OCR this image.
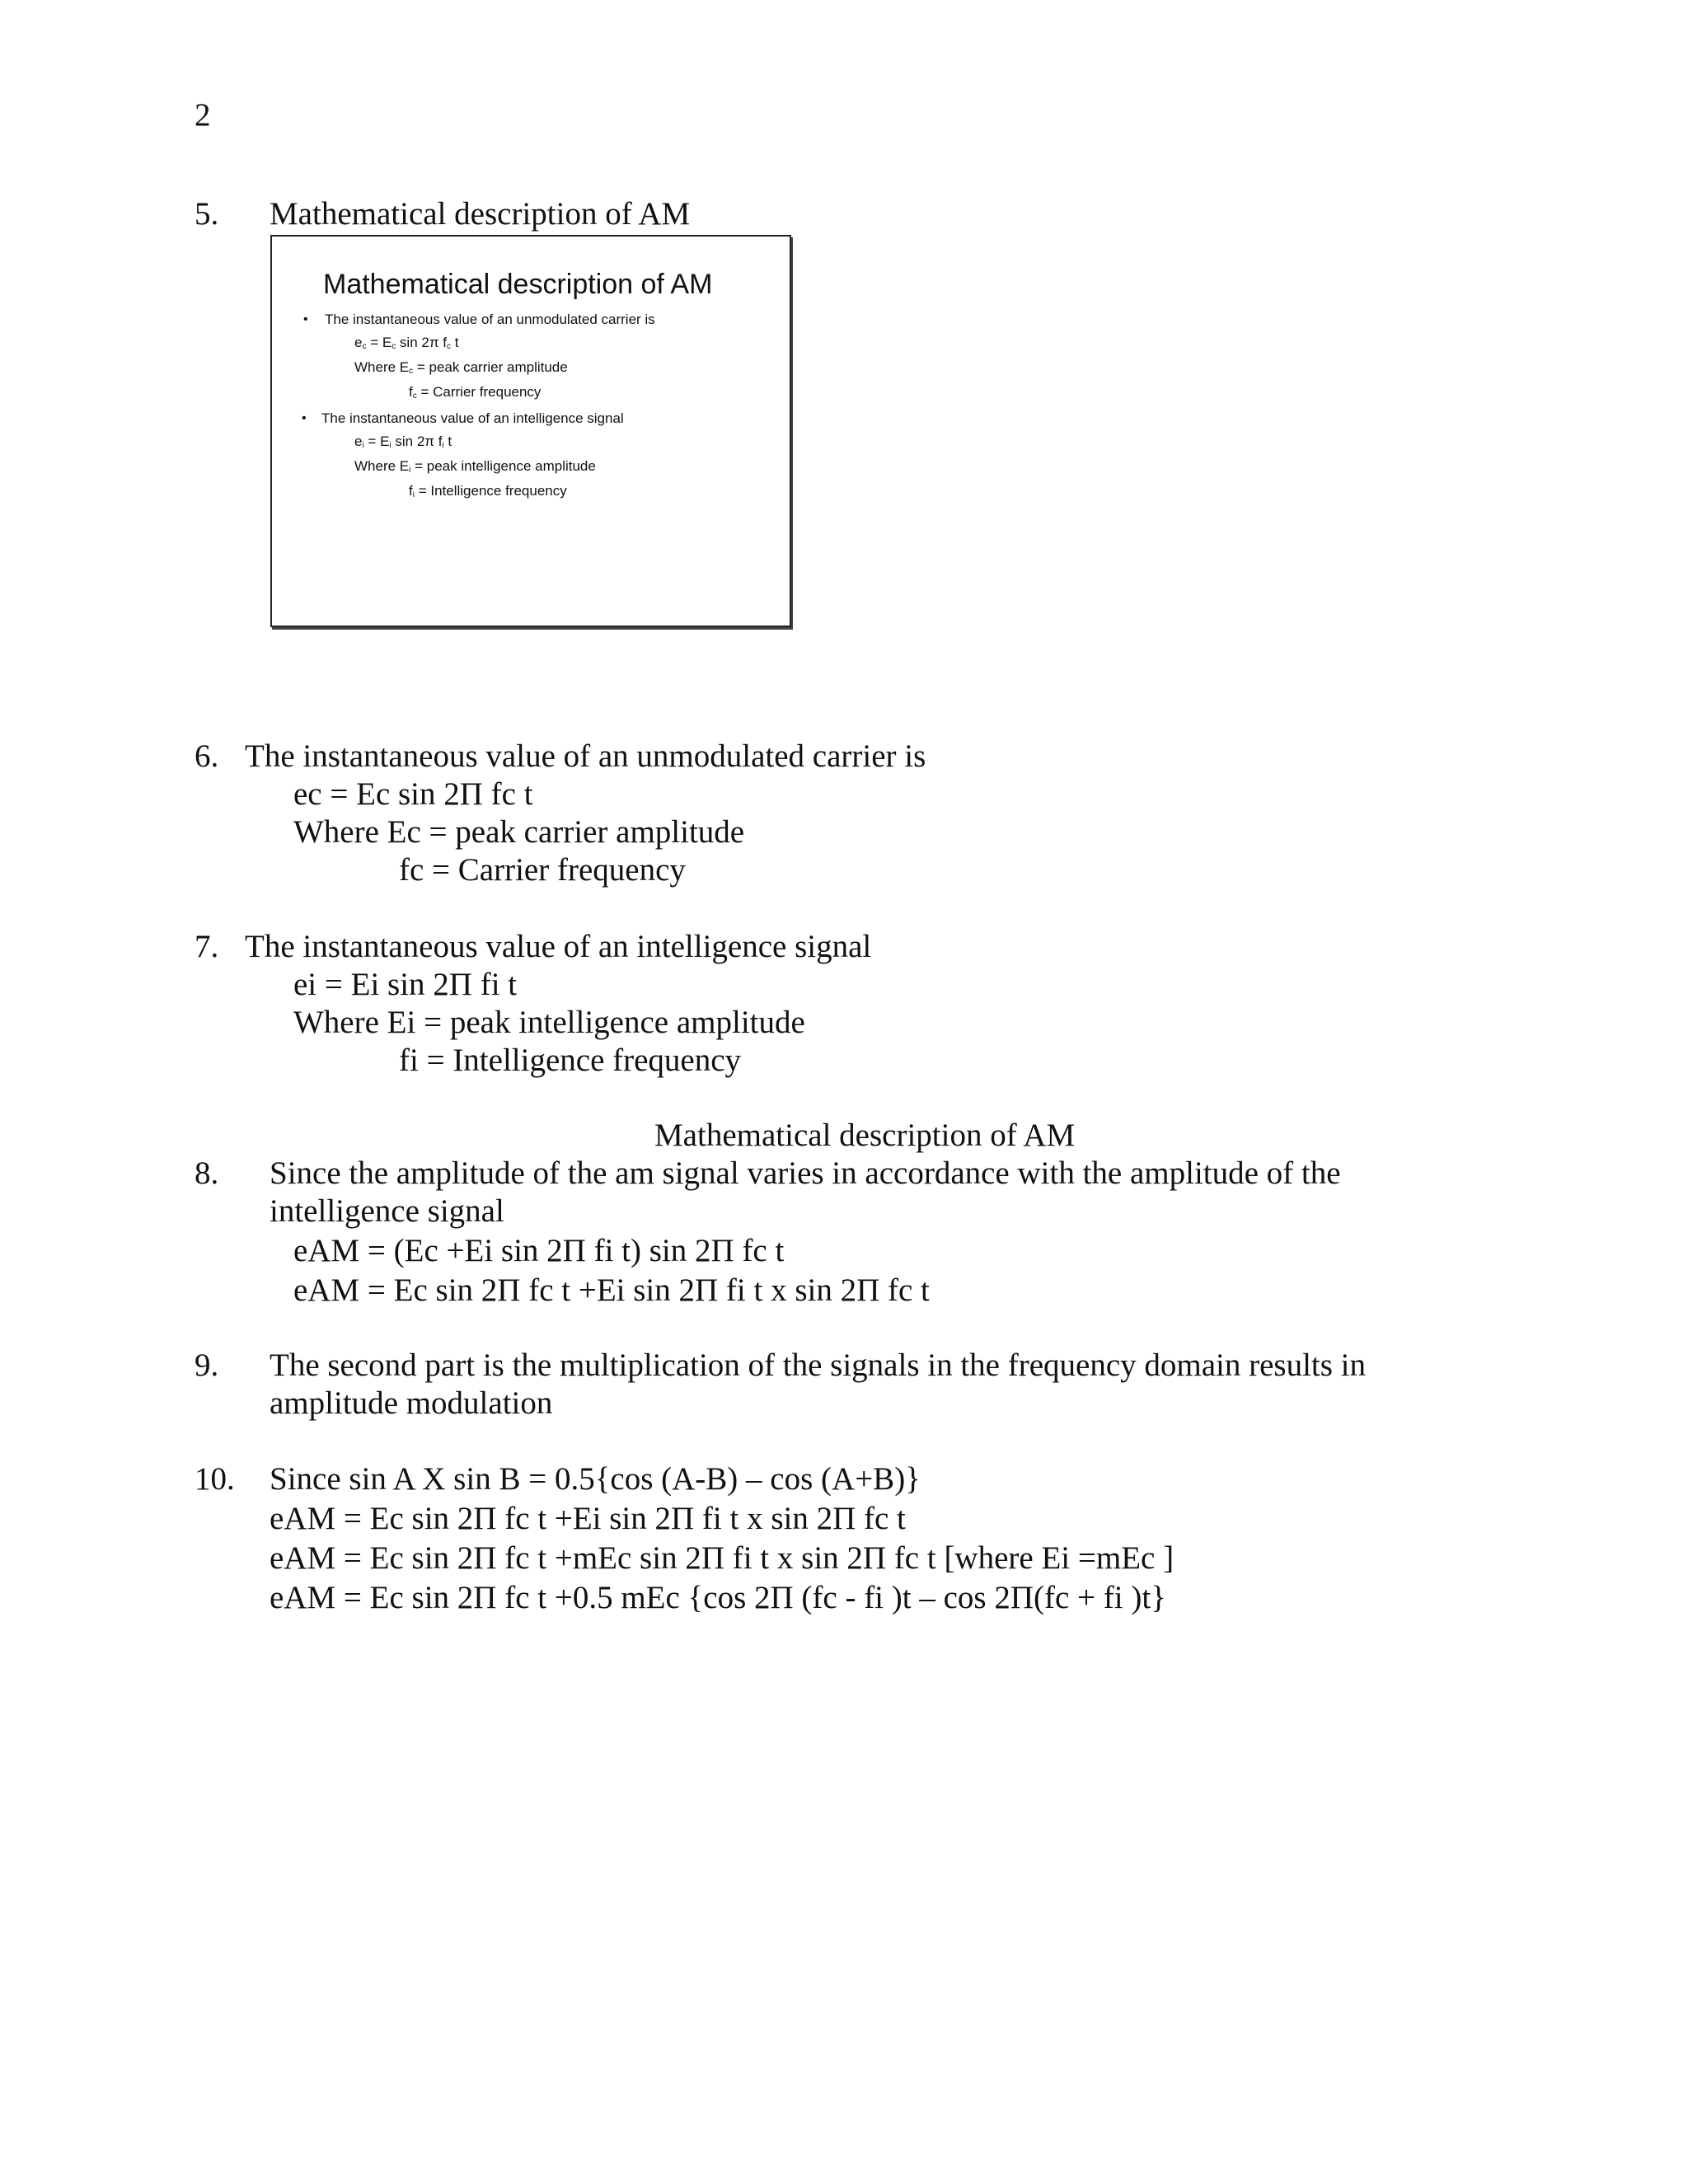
2
5. Mathematical description of AM
Mathematical description of AM
• The instantaneous value of an unmodulated carrier is
$e_c = E_c$ sin 2π $f_c$ t
Where $E_c$ = peak carrier amplitude
$f_c$ = Carrier frequency
• The instantaneous value of an intelligence signal
$e_i = E_i$ sin 2π $f_i$ t
Where $E_i$ = peak intelligence amplitude
$f_i$ = Intelligence frequency
6. The instantaneous value of an unmodulated carrier is
ec = Ec sin 2Π fc t
Where Ec = peak carrier amplitude
fc = Carrier frequency
7. The instantaneous value of an intelligence signal
ei = Ei sin 2Π fi t
Where Ei = peak intelligence amplitude
fi = Intelligence frequency
Mathematical description of AM
8. Since the amplitude of the am signal varies in accordance with the amplitude of the
intelligence signal
eAM = (Ec +Ei sin 2Π fi t) sin 2Π fc t
eAM = Ec sin 2Π fc t +Ei sin 2Π fi t x sin 2Π fc t
9. The second part is the multiplication of the signals in the frequency domain results in
amplitude modulation
10. Since sin A X sin B = 0.5{cos (A-B) – cos (A+B)}
eAM = Ec sin 2Π fc t +Ei sin 2Π fi t x sin 2Π fc t
eAM = Ec sin 2Π fc t +mEc sin 2Π fi t x sin 2Π fc t [where Ei =mEc ]
eAM = Ec sin 2Π fc t +0.5 mEc {cos 2Π (fc - fi )t – cos 2Π(fc + fi )t}
